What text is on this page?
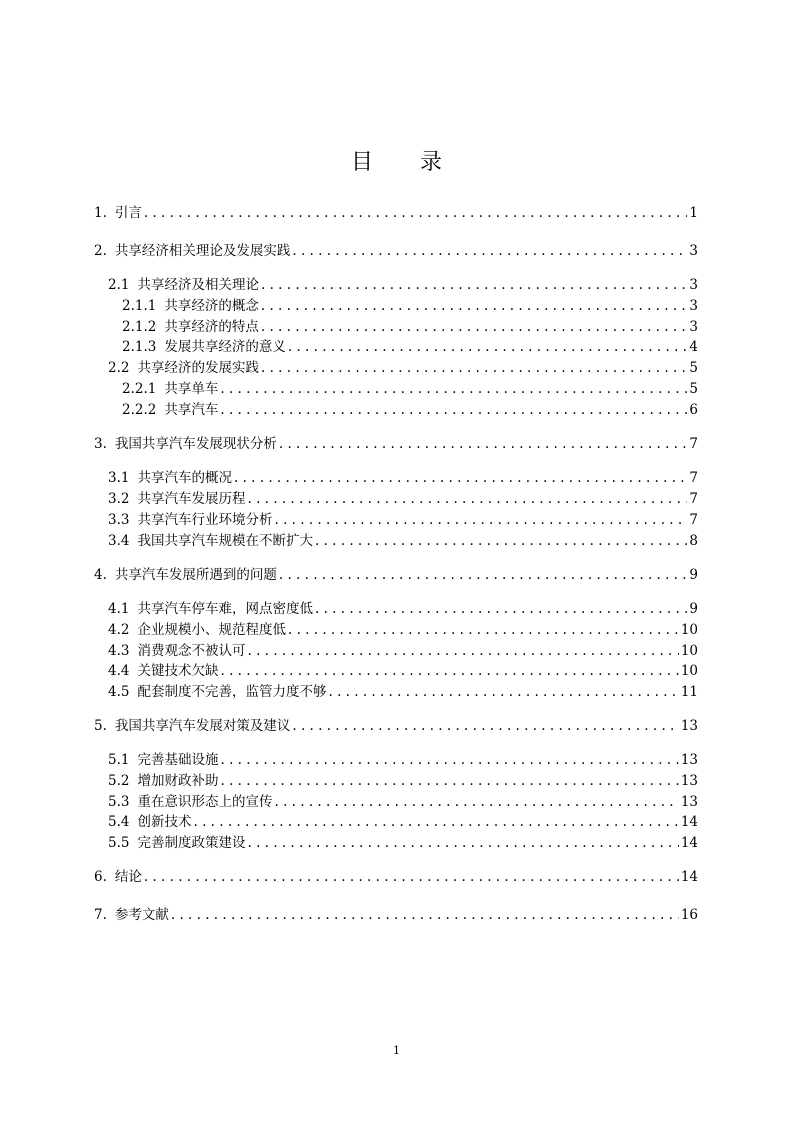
目 录
1. 引言 . . .	1
2. 共享经济相关理论及发展实践 . . .	3
2.1 共享经济及相关理论 . . .	3
2.1.1 共享经济的概念 . . .	3
2.1.2 共享经济的特点 . . .	3
2.1.3 发展共享经济的意义 . . .	4
2.2 共享经济的发展实践 . . .	5
2.2.1 共享单车 . . .	5
2.2.2 共享汽车 . . .	6
3. 我国共享汽车发展现状分析 . . .	7
3.1 共享汽车的概况 . . .	7
3.2 共享汽车发展历程 . . .	7
3.3 共享汽车行业环境分析 . . .	7
3.4 我国共享汽车规模在不断扩大 . . .	8
4. 共享汽车发展所遇到的问题 . . .	9
4.1 共享汽车停车难，网点密度低 . . .	9
4.2 企业规模小、规范程度低 . . .	10
4.3 消费观念不被认可 . . .	10
4.4 关键技术欠缺 . . .	10
4.5 配套制度不完善，监管力度不够 . . .	11
5. 我国共享汽车发展对策及建议 . . .	13
5.1 完善基础设施 . . .	13
5.2 增加财政补助 . . .	13
5.3 重在意识形态上的宣传 . . .	13
5.4 创新技术 . . .	14
5.5 完善制度政策建设 . . .	14
6. 结论 . . .	14
7. 参考文献 . . .	16
1
